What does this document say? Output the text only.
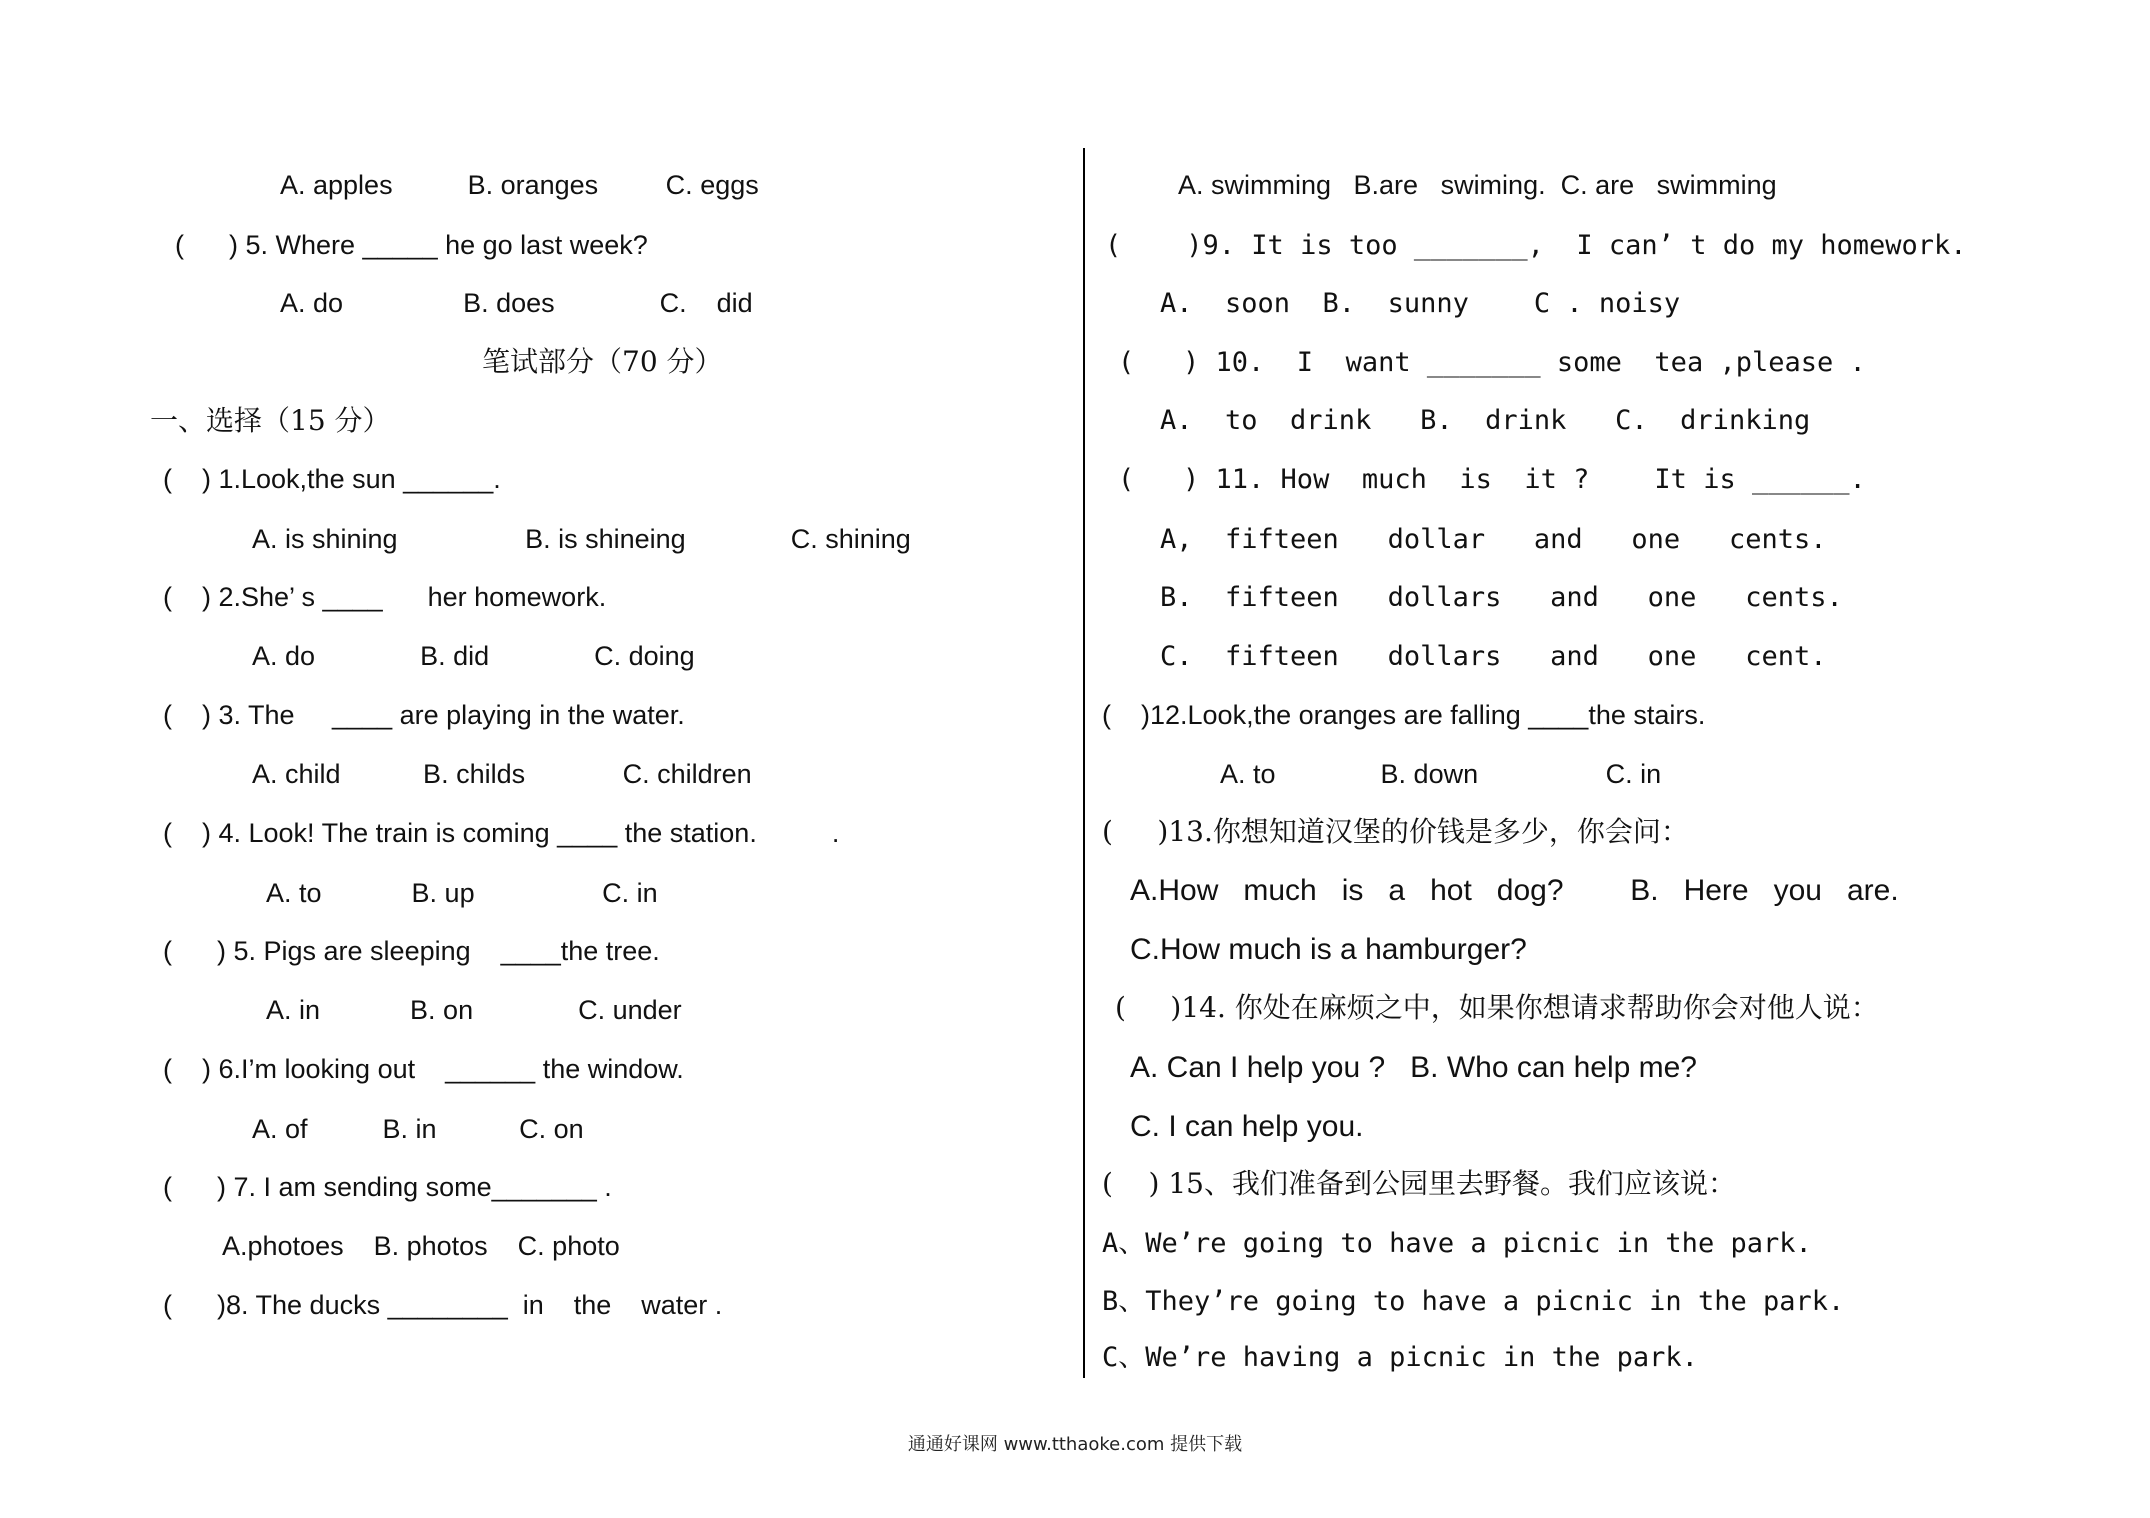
A. apples          B. oranges         C. eggs
(      ) 5. Where _____ he go last week?
A. do                B. does              C.    did
笔试部分（70 分）
一、选择（15 分）
(    ) 1.Look,the sun ______.
A. is shining                 B. is shineing              C. shining
(    ) 2.She’ s ____      her homework.
A. do              B. did              C. doing
(    ) 3. The     ____ are playing in the water.
A. child           B. childs             C. children
(    ) 4. Look! The train is coming ____ the station.          .
A. to            B. up                 C. in
(      ) 5. Pigs are sleeping    ____the tree.
A. in            B. on              C. under
(    ) 6.I’m looking out    ______ the window.
A. of          B. in           C. on
(      ) 7. I am sending some_______ .
A.photoes    B. photos    C. photo
(      )8. The ducks ________  in    the    water .
A. swimming   B.are   swiming.  C. are   swimming
(    )9. It is too _______,  I can’ t do my homework.
A.  soon  B.  sunny    C . noisy
(   ) 10.  I  want _______ some  tea ,please .
A.  to  drink   B.  drink   C.  drinking
(   ) 11. How  much  is  it ?    It is ______.
A,  fifteen   dollar   and   one   cents.
B.  fifteen   dollars   and   one   cents.
C.  fifteen   dollars   and   one   cent.
(    )12.Look,the oranges are falling ____the stairs.
A. to              B. down                 C. in
(     )13.你想知道汉堡的价钱是多少，你会问：
A.How   much   is   a   hot   dog?        B.   Here   you   are.
C.How much is a hamburger?
(     )14. 你处在麻烦之中，如果你想请求帮助你会对他人说：
A. Can I help you ?   B. Who can help me?
C. I can help you.
(    ) 15、我们准备到公园里去野餐。我们应该说：
A、We’re going to have a picnic in the park.
B、They’re going to have a picnic in the park.
C、We’re having a picnic in the park.
通通好课网 www.tthaoke.com 提供下载
